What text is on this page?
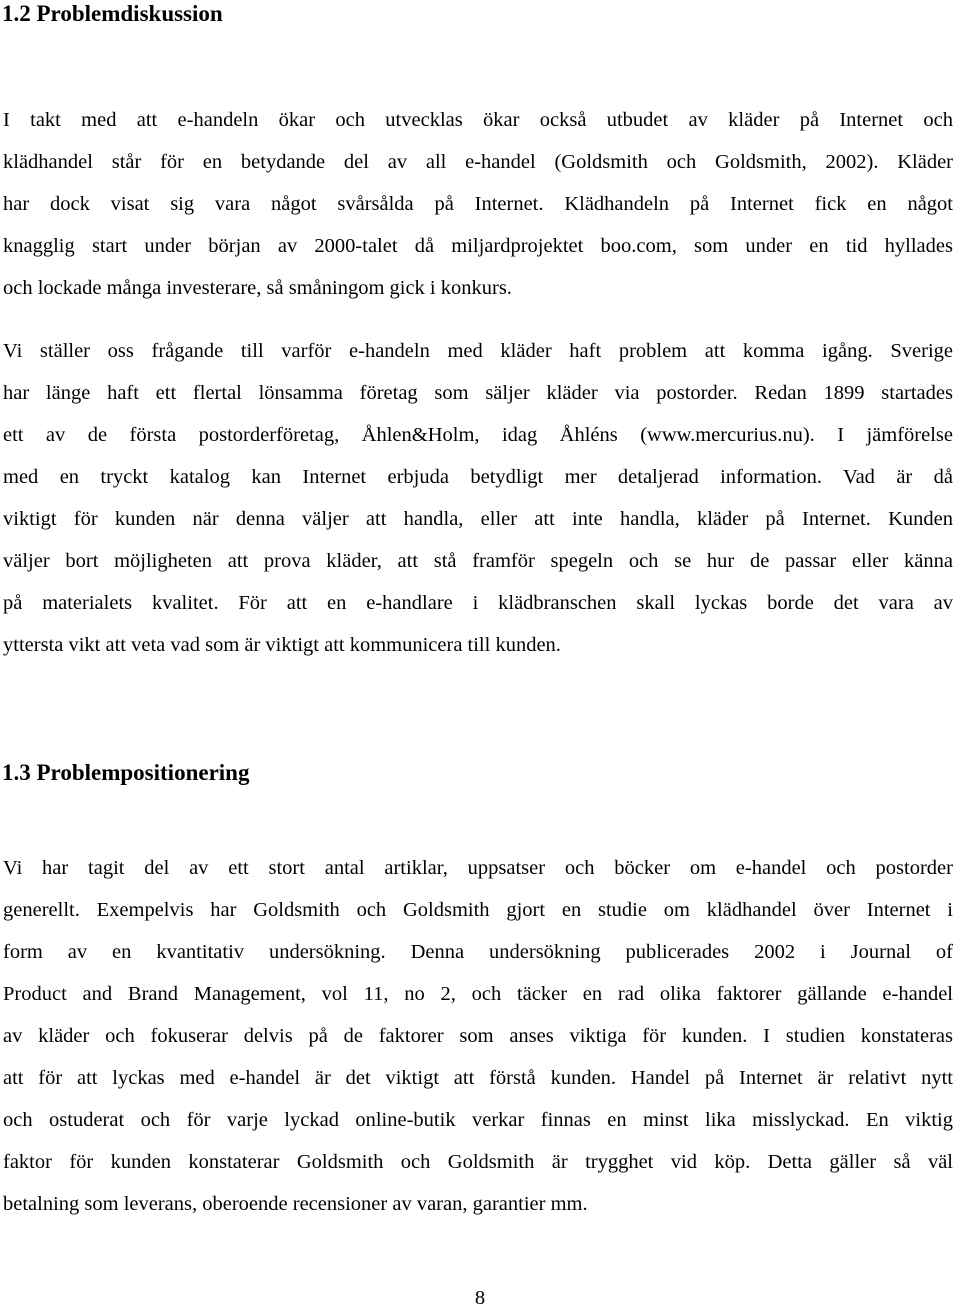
1.2 Problemdiskussion
I takt med att e-handeln ökar och utvecklas ökar också utbudet av kläder på Internet och
klädhandel står för en betydande del av all e-handel (Goldsmith och Goldsmith, 2002). Kläder
har dock visat sig vara något svårsålda på Internet. Klädhandeln på Internet fick en något
knagglig start under början av 2000-talet då miljardprojektet boo.com, som under en tid hyllades
och lockade många investerare, så småningom gick i konkurs.
Vi ställer oss frågande till varför e-handeln med kläder haft problem att komma igång. Sverige
har länge haft ett flertal lönsamma företag som säljer kläder via postorder. Redan 1899 startades
ett av de första postorderföretag, Åhlen&Holm, idag Åhléns (www.mercurius.nu). I jämförelse
med en tryckt katalog kan Internet erbjuda betydligt mer detaljerad information. Vad är då
viktigt för kunden när denna väljer att handla, eller att inte handla, kläder på Internet. Kunden
väljer bort möjligheten att prova kläder, att stå framför spegeln och se hur de passar eller känna
på materialets kvalitet. För att en e-handlare i klädbranschen skall lyckas borde det vara av
yttersta vikt att veta vad som är viktigt att kommunicera till kunden.
1.3 Problempositionering
Vi har tagit del av ett stort antal artiklar, uppsatser och böcker om e-handel och postorder
generellt. Exempelvis har Goldsmith och Goldsmith gjort en studie om klädhandel över Internet i
form av en kvantitativ undersökning. Denna undersökning publicerades 2002 i Journal of
Product and Brand Management, vol 11, no 2, och täcker en rad olika faktorer gällande e-handel
av kläder och fokuserar delvis på de faktorer som anses viktiga för kunden. I studien konstateras
att för att lyckas med e-handel är det viktigt att förstå kunden. Handel på Internet är relativt nytt
och ostuderat och för varje lyckad online-butik verkar finnas en minst lika misslyckad. En viktig
faktor för kunden konstaterar Goldsmith och Goldsmith är trygghet vid köp. Detta gäller så väl
betalning som leverans, oberoende recensioner av varan, garantier mm.
8
